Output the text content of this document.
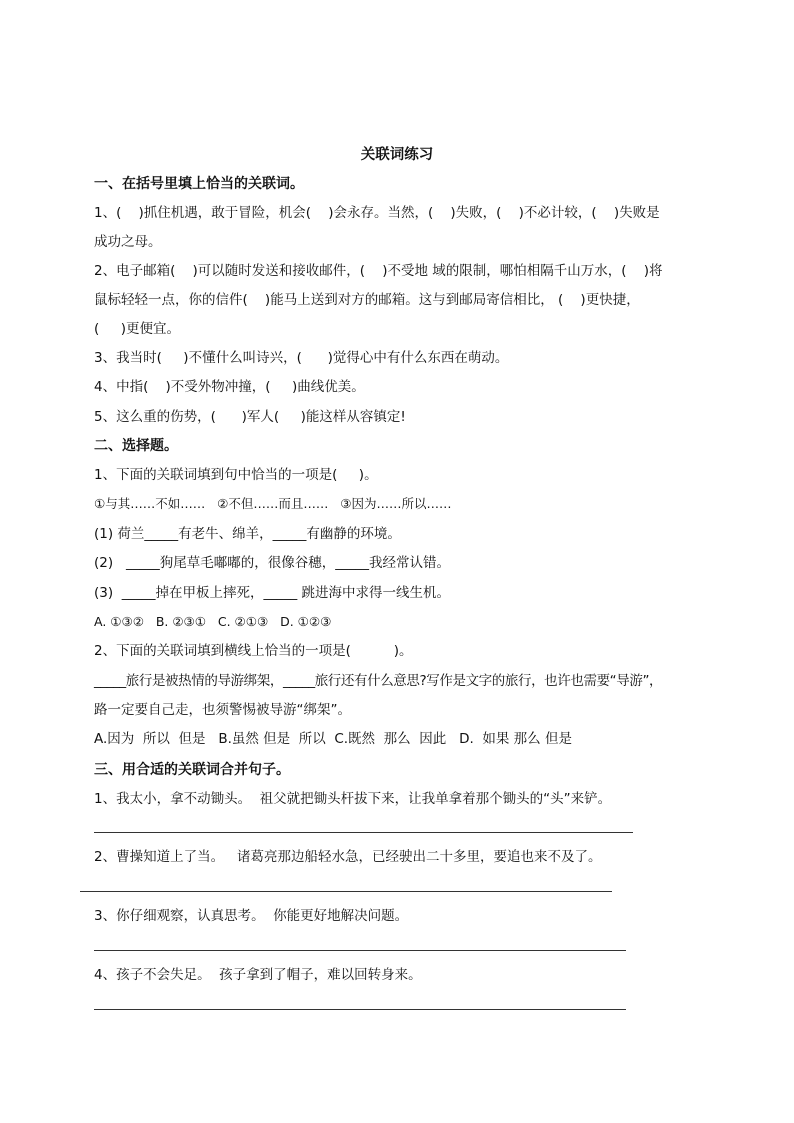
关联词练习
一、在括号里填上恰当的关联词。
1、(    )抓住机遇，敢于冒险，机会(    )会永存。当然，(    )失败，(    )不必计较，(    )失败是
成功之母。
2、电子邮箱(    )可以随时发送和接收邮件，(    )不受地 域的限制，哪怕相隔千山万水，(    )将
鼠标轻轻一点，你的信件(    )能马上送到对方的邮箱。这与到邮局寄信相比， (    )更快捷，
(     )更便宜。
3、我当时(     )不懂什么叫诗兴，(      )觉得心中有什么东西在萌动。
4、中指(    )不受外物冲撞，(     )曲线优美。
5、这么重的伤势，(      )军人(     )能这样从容镇定!
二、选择题。
1、下面的关联词填到句中恰当的一项是(     )。
①与其……不如……   ②不但……而且……   ③因为……所以……
(1) 荷兰_____有老牛、绵羊，_____有幽静的环境。
(2)   _____狗尾草毛嘟嘟的，很像谷穗，_____我经常认错。
(3)  _____掉在甲板上摔死，_____ 跳进海中求得一线生机。
A. ①③②   B. ②③①   C. ②①③   D. ①②③
2、下面的关联词填到横线上恰当的一项是(          )。
_____旅行是被热情的导游绑架，_____旅行还有什么意思?写作是文字的旅行，也许也需要“导游”，
路一定要自己走，也须警惕被导游“绑架”。
A.因为  所以  但是   B.虽然 但是  所以  C.既然  那么  因此   D.  如果 那么 但是
三、用合适的关联词合并句子。
1、我太小，拿不动锄头。  祖父就把锄头杆拔下来，让我单拿着那个锄头的“头”来铲。
2、曹操知道上了当。   诸葛亮那边船轻水急，已经驶出二十多里，要追也来不及了。
3、你仔细观察，认真思考。  你能更好地解决问题。
4、孩子不会失足。  孩子拿到了帽子，难以回转身来。
